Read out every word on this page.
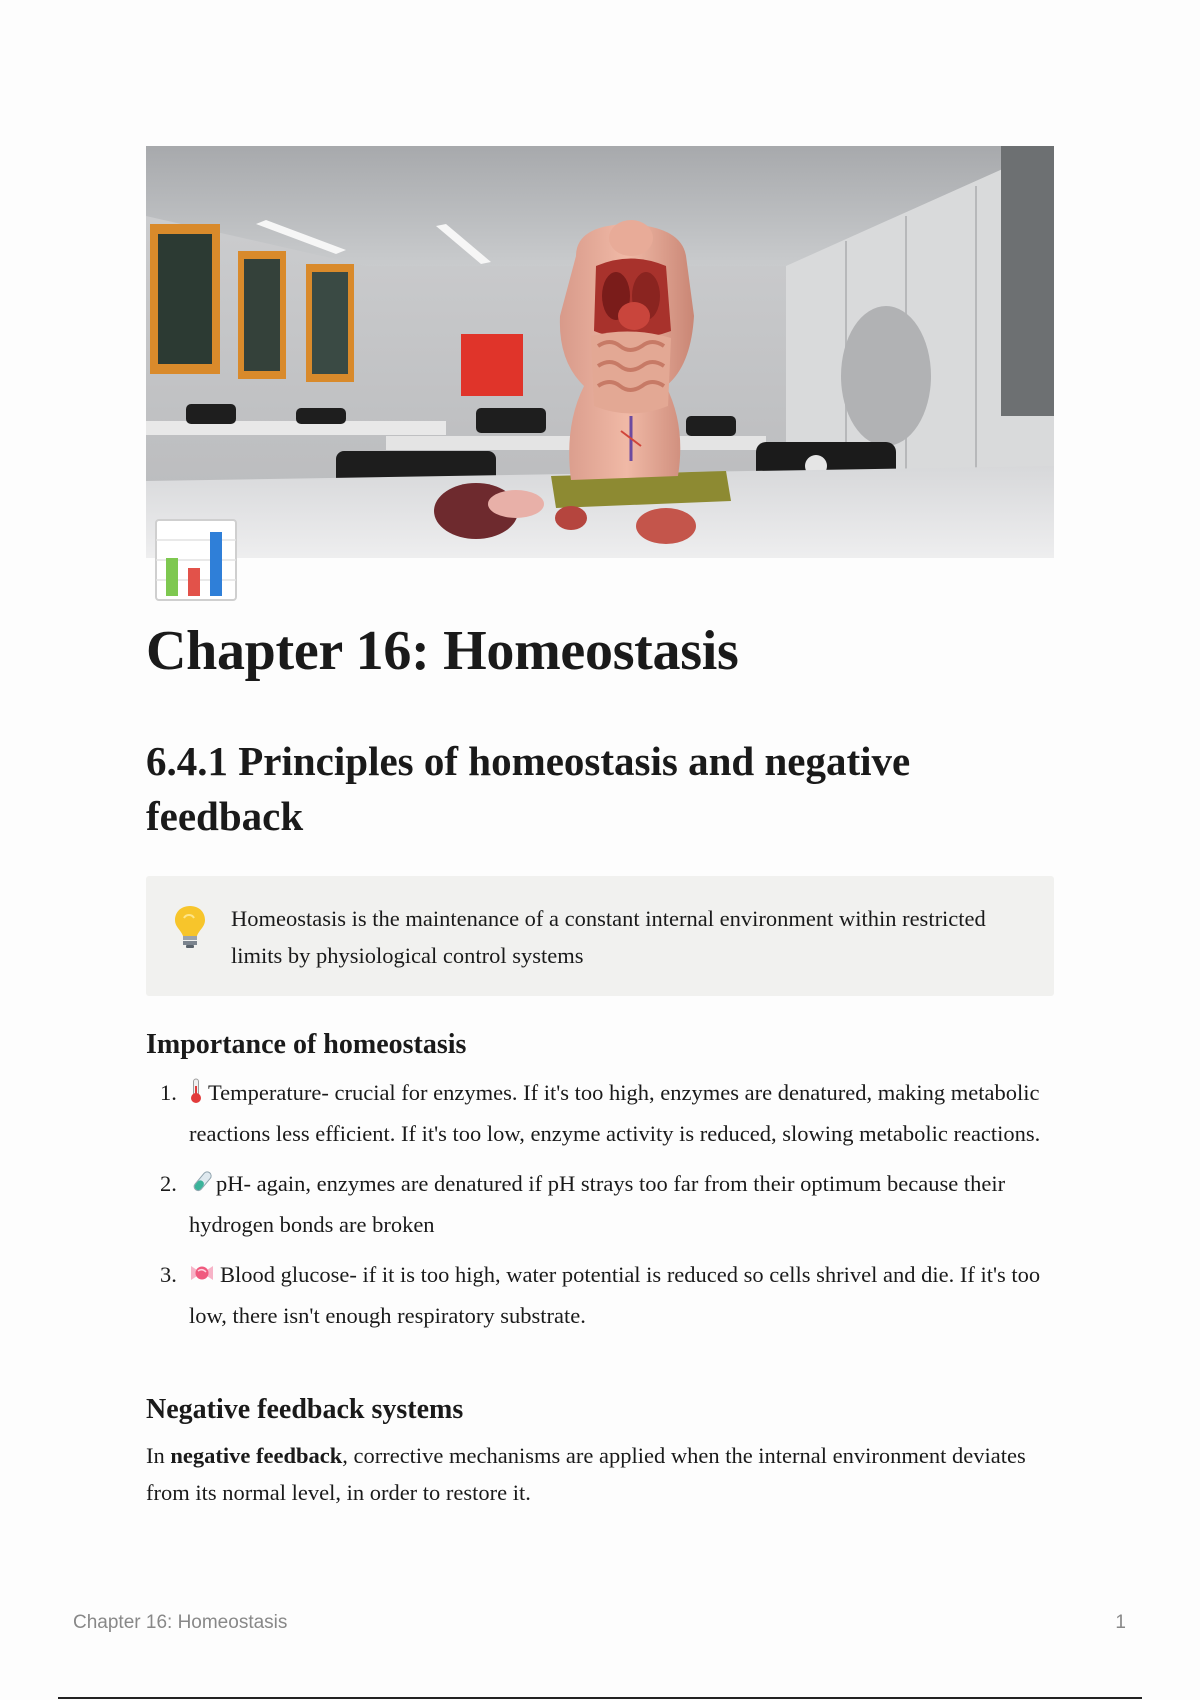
Chapter 16: Homeostasis
6.4.1 Principles of homeostasis and negative feedback
Homeostasis is the maintenance of a constant internal environment within restricted limits by physiological control systems
Importance of homeostasis
1. Temperature- crucial for enzymes. If it's too high, enzymes are denatured, making metabolic reactions less efficient. If it's too low, enzyme activity is reduced, slowing metabolic reactions.
2. pH- again, enzymes are denatured if pH strays too far from their optimum because their hydrogen bonds are broken
3. Blood glucose- if it is too high, water potential is reduced so cells shrivel and die. If it's too low, there isn't enough respiratory substrate.
Negative feedback systems

In negative feedback, corrective mechanisms are applied when the internal environment deviates from its normal level, in order to restore it.

Chapter 16: Homeostasis	1
